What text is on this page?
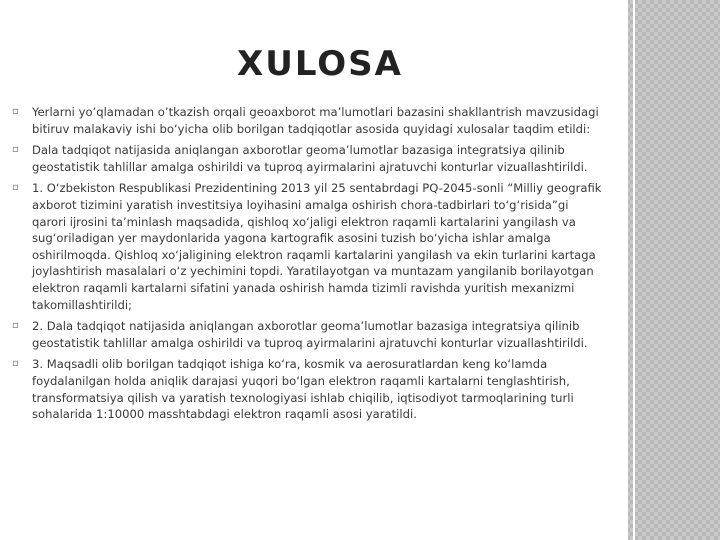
XULOSA
▫ Yerlarni yo’qlamadan o’tkazish orqali geoaxborot ma’lumotlari bazasini shakllantrish mavzusidagi bitiruv malakaviy ishi bo‘yicha olib borilgan tadqiqotlar asosida quyidagi xulosalar taqdim etildi:
▫ Dala tadqiqot natijasida aniqlangan axborotlar geoma’lumotlar bazasiga integratsiya qilinib geostatistik tahlillar amalga oshirildi va tuproq ayirmalarini ajratuvchi konturlar vizuallashtirildi.
▫ 1. O‘zbekiston Respublikasi Prezidentining 2013 yil 25 sentabrdagi PQ-2045-sonli “Milliy geografik axborot tizimini yaratish investitsiya loyihasini amalga oshirish chora-tadbirlari to‘g‘risida”gi qarori ijrosini ta’minlash maqsadida, qishloq xo‘jaligi elektron raqamli kartalarini yangilash va sug‘oriladigan yer maydonlarida yagona kartografik asosini tuzish bo‘yicha ishlar amalga oshirilmoqda. Qishloq xo‘jaligining elektron raqamli kartalarini yangilash va ekin turlarini kartaga joylashtirish masalalari o‘z yechimini topdi. Yaratilayotgan va muntazam yangilanib borilayotgan elektron raqamli kartalarni sifatini yanada oshirish hamda tizimli ravishda yuritish mexanizmi takomillashtirildi;
▫ 2. Dala tadqiqot natijasida aniqlangan axborotlar geoma’lumotlar bazasiga integratsiya qilinib geostatistik tahlillar amalga oshirildi va tuproq ayirmalarini ajratuvchi konturlar vizuallashtirildi.
▫ 3. Maqsadli olib borilgan tadqiqot ishiga ko‘ra, kosmik va aerosuratlardan keng ko‘lamda foydalanilgan holda aniqlik darajasi yuqori bo‘lgan elektron raqamli kartalarni tenglashtirish, transformatsiya qilish va yaratish texnologiyasi ishlab chiqilib, iqtisodiyot tarmoqlarining turli sohalarida 1:10000 masshtabdagi elektron raqamli asosi yaratildi.
